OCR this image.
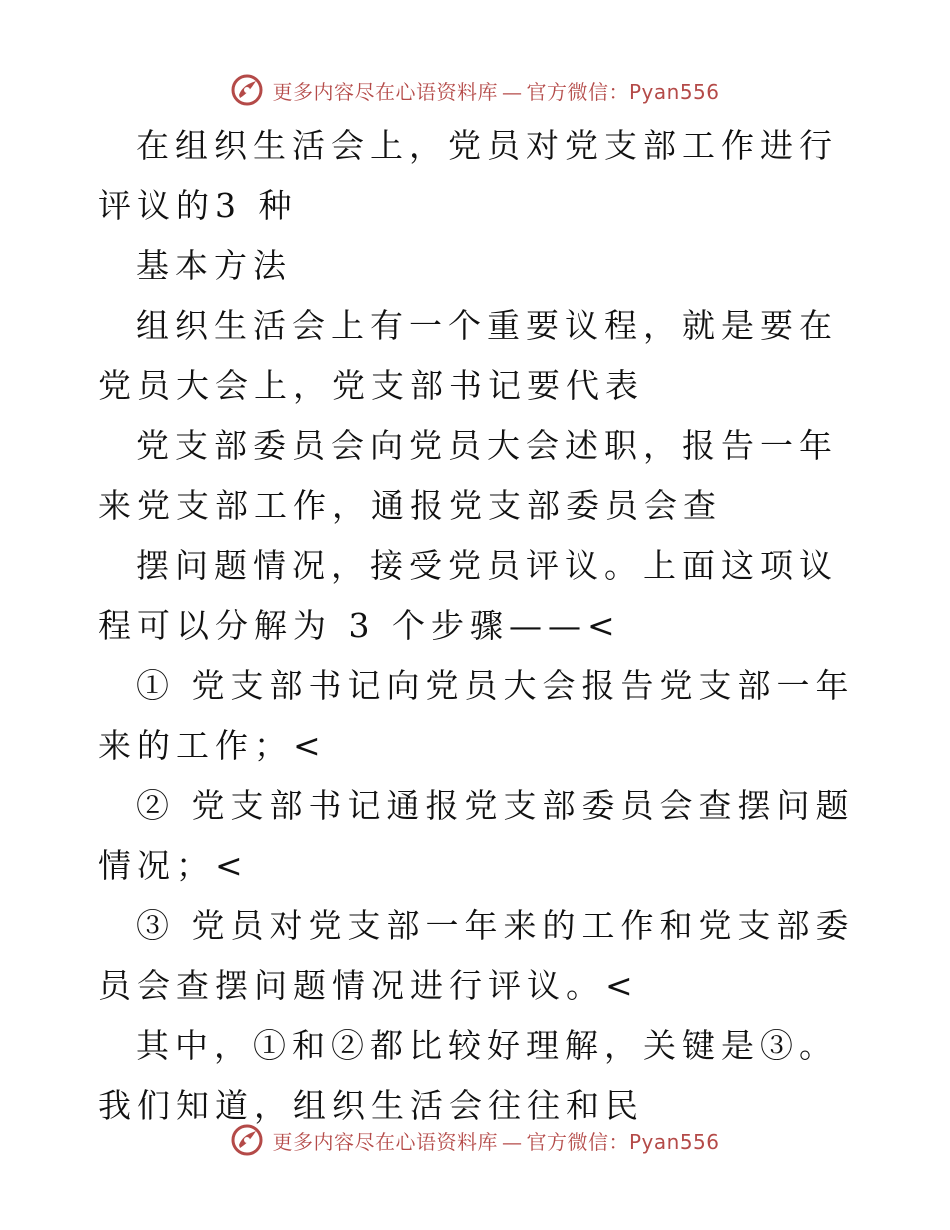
更多内容尽在心语资料库 — 官方微信：Pyan556

在组织生活会上，党员对党支部工作进行评议的3 种

基本方法

组织生活会上有一个重要议程，就是要在党员大会上，党支部书记要代表

党支部委员会向党员大会述职，报告一年来党支部工作，通报党支部委员会查

摆问题情况，接受党员评议。上面这项议程可以分解为 3 个步骤——<

① 党支部书记向党员大会报告党支部一年来的工作；<

② 党支部书记通报党支部委员会查摆问题情况；<

③ 党员对党支部一年来的工作和党支部委员会查摆问题情况进行评议。<

其中，①和②都比较好理解，关键是③。我们知道，组织生活会往往和民

更多内容尽在心语资料库 — 官方微信：Pyan556
